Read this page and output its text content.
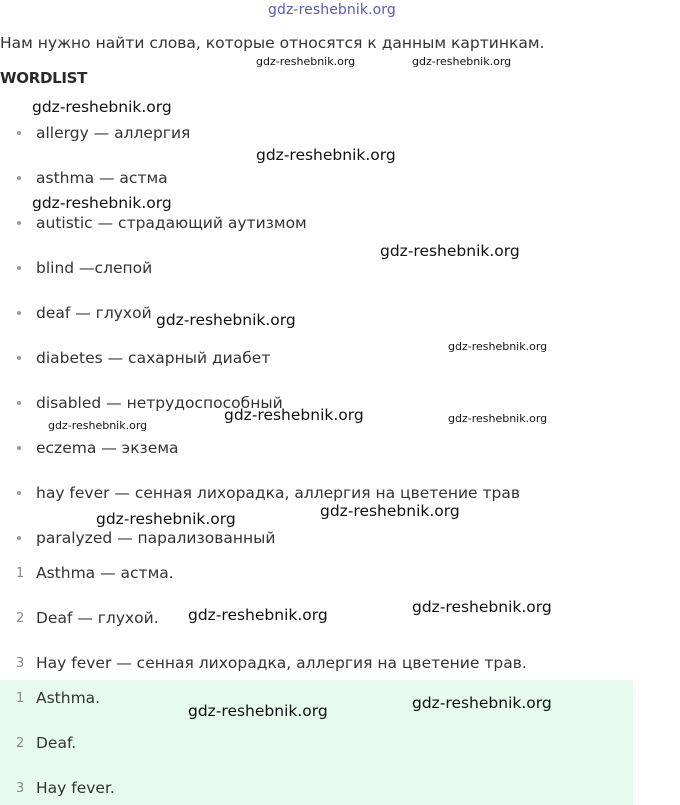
gdz-reshebnik.org
Нам нужно найти слова, которые относятся к данным картинкам.
WORDLIST
allergy — аллергия
asthma — астма
autistic — страдающий аутизмом
blind —слепой
deaf — глухой
diabetes — сахарный диабет
disabled — нетрудоспособный
eczema — экзема
hay fever — сенная лихорадка, аллергия на цветение трав
paralyzed — парализованный
1 Asthma — астма.
2 Deaf — глухой.
3 Hay fever — сенная лихорадка, аллергия на цветение трав.
1 Asthma.
2 Deaf.
3 Hay fever.
gdz-reshebnik.org	gdz-reshebnik.org
gdz-reshebnik.org
gdz-reshebnik.org
gdz-reshebnik.org
gdz-reshebnik.org
gdz-reshebnik.org
gdz-reshebnik.org
gdz-reshebnik.org	gdz-reshebnik.org
gdz-reshebnik.org
gdz-reshebnik.org
gdz-reshebnik.org
gdz-reshebnik.org
gdz-reshebnik.org
gdz-reshebnik.org
gdz-reshebnik.org
